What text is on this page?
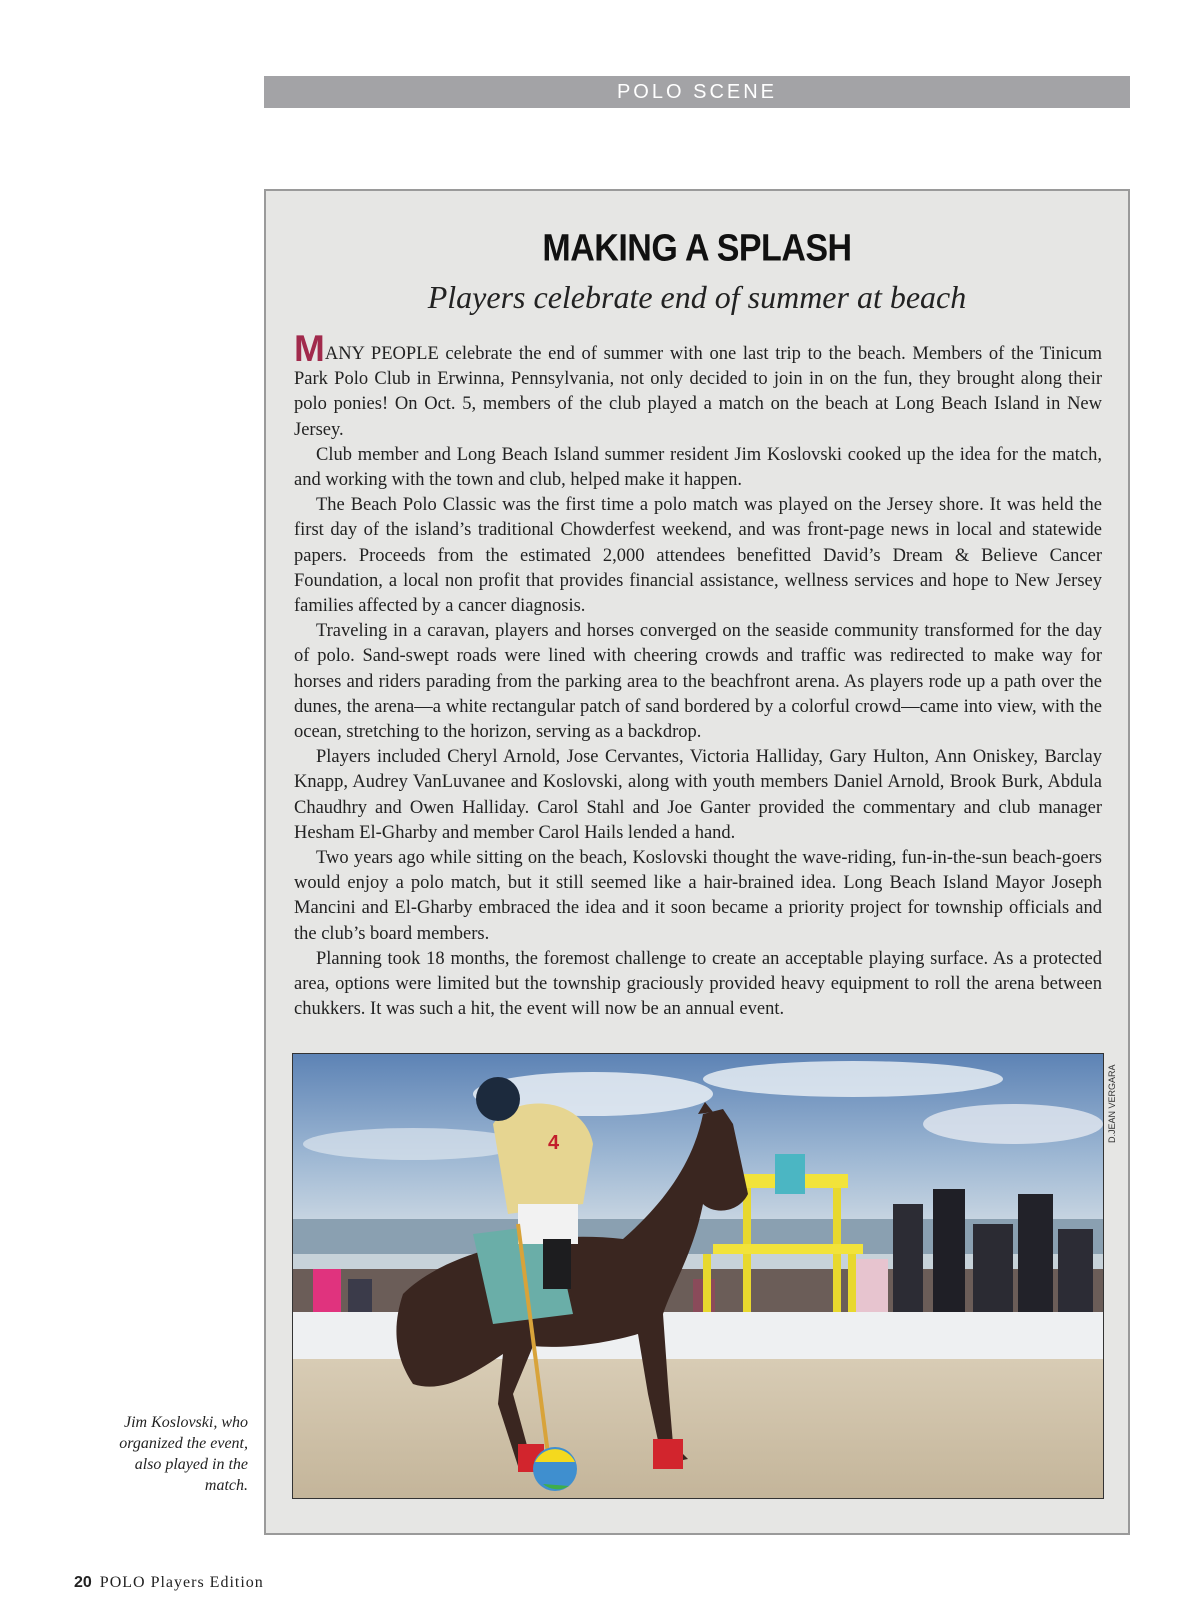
POLO SCENE
MAKING A SPLASH
Players celebrate end of summer at beach

MANY PEOPLE celebrate the end of summer with one last trip to the beach. Members of the Tinicum Park Polo Club in Erwinna, Pennsylvania, not only decided to join in on the fun, they brought along their polo ponies! On Oct. 5, members of the club played a match on the beach at Long Beach Island in New Jersey.

Club member and Long Beach Island summer resident Jim Koslovski cooked up the idea for the match, and working with the town and club, helped make it happen.

The Beach Polo Classic was the first time a polo match was played on the Jersey shore. It was held the first day of the island’s traditional Chowderfest weekend, and was front-page news in local and statewide papers. Proceeds from the estimated 2,000 attendees benefitted David’s Dream & Believe Cancer Foundation, a local non profit that provides financial assistance, wellness services and hope to New Jersey families affected by a cancer diagnosis.

Traveling in a caravan, players and horses converged on the seaside community transformed for the day of polo. Sand-swept roads were lined with cheering crowds and traffic was redirected to make way for horses and riders parading from the parking area to the beachfront arena. As players rode up a path over the dunes, the arena—a white rectangular patch of sand bordered by a colorful crowd—came into view, with the ocean, stretching to the horizon, serving as a backdrop.

Players included Cheryl Arnold, Jose Cervantes, Victoria Halliday, Gary Hulton, Ann Oniskey, Barclay Knapp, Audrey VanLuvanee and Koslovski, along with youth members Daniel Arnold, Brook Burk, Abdula Chaudhry and Owen Halliday. Carol Stahl and Joe Ganter provided the commentary and club manager Hesham El-Gharby and member Carol Hails lended a hand.

Two years ago while sitting on the beach, Koslovski thought the wave-riding, fun-in-the-sun beach-goers would enjoy a polo match, but it still seemed like a hair-brained idea. Long Beach Island Mayor Joseph Mancini and El-Gharby embraced the idea and it soon became a priority project for township officials and the club’s board members.

Planning took 18 months, the foremost challenge to create an acceptable playing surface. As a protected area, options were limited but the township graciously provided heavy equipment to roll the arena between chukkers. It was such a hit, the event will now be an annual event.

4	D.JEAN VERGARA
Jim Koslovski, who organized the event, also played in the match.
20 POLO Players Edition
